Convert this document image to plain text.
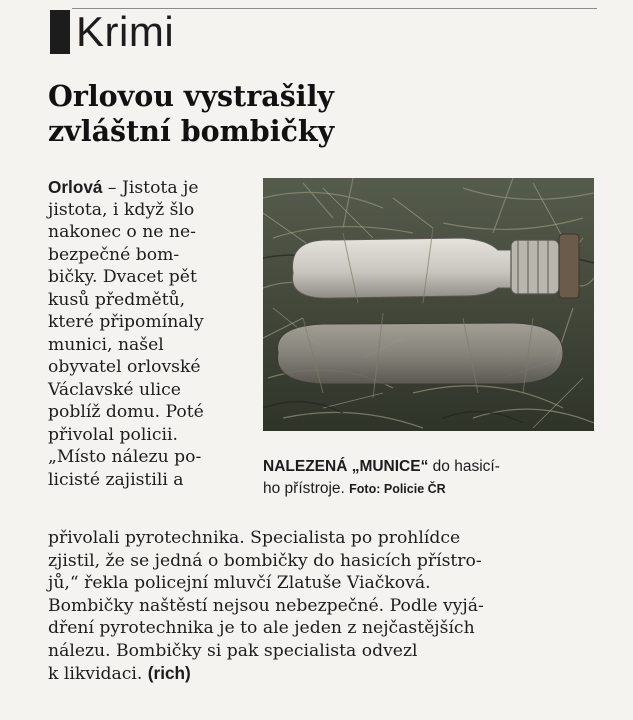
Krimi
Orlovou vystrašily
zvláštní bombičky
Orlová – Jistota je
jistota, i když šlo
nakonec o ne ne-
bezpečné bom-
bičky. Dvacet pět
kusů předmětů,
které připomínaly
munici, našel
obyvatel orlovské
Václavské ulice
poblíž domu. Poté
přivolal policii.
„Místo nálezu po-
licisté zajistili a
NALEZENÁ „MUNICE“ do hasicí-
ho přístroje. Foto: Policie ČR
přivolali pyrotechnika. Specialista po prohlídce
zjistil, že se jedná o bombičky do hasicích přístro-
jů,“ řekla policejní mluvčí Zlatuše Viačková.
Bombičky naštěstí nejsou nebezpečné. Podle vyjá-
dření pyrotechnika je to ale jeden z nejčastějších
nálezu. Bombičky si pak specialista odvezl
k likvidaci. (rich)
